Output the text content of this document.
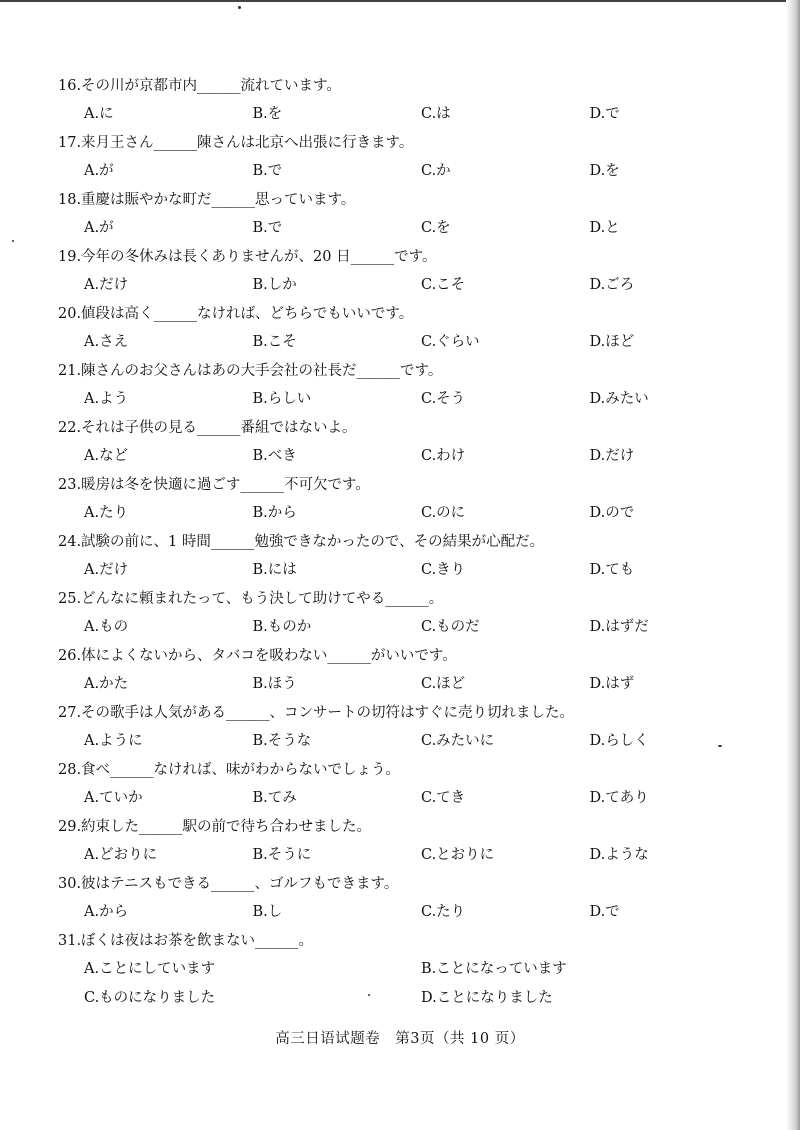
16.その川が京都市内______流れています。
A.に	B.を	C.は	D.で
17.来月王さん______陳さんは北京へ出張に行きます。
A.が	B.で	C.か	D.を
18.重慶は賑やかな町だ______思っています。
A.が	B.で	C.を	D.と
19.今年の冬休みは長くありませんが、20 日______です。
A.だけ	B.しか	C.こそ	D.ごろ
20.値段は高く______なければ、どちらでもいいです。
A.さえ	B.こそ	C.ぐらい	D.ほど
21.陳さんのお父さんはあの大手会社の社長だ______です。
A.よう	B.らしい	C.そう	D.みたい
22.それは子供の見る______番組ではないよ。
A.など	B.べき	C.わけ	D.だけ
23.暖房は冬を快適に過ごす______不可欠です。
A.たり	B.から	C.のに	D.ので
24.試験の前に、1 時間______勉強できなかったので、その結果が心配だ。
A.だけ	B.には	C.きり	D.ても
25.どんなに頼まれたって、もう決して助けてやる______。
A.もの	B.ものか	C.ものだ	D.はずだ
26.体によくないから、タバコを吸わない______がいいです。
A.かた	B.ほう	C.ほど	D.はず
27.その歌手は人気がある______、コンサートの切符はすぐに売り切れました。
A.ように	B.そうな	C.みたいに	D.らしく
28.食べ______なければ、味がわからないでしょう。
A.ていか	B.てみ	C.てき	D.てあり
29.約束した______駅の前で待ち合わせました。
A.どおりに	B.そうに	C.とおりに	D.ような
30.彼はテニスもできる______、ゴルフもできます。
A.から	B.し	C.たり	D.で
31.ぼくは夜はお茶を飲まない______。
A.ことにしています	B.ことになっています
C.ものになりました	D.ことになりました
高三日语试题卷　第3页（共 10 页）
